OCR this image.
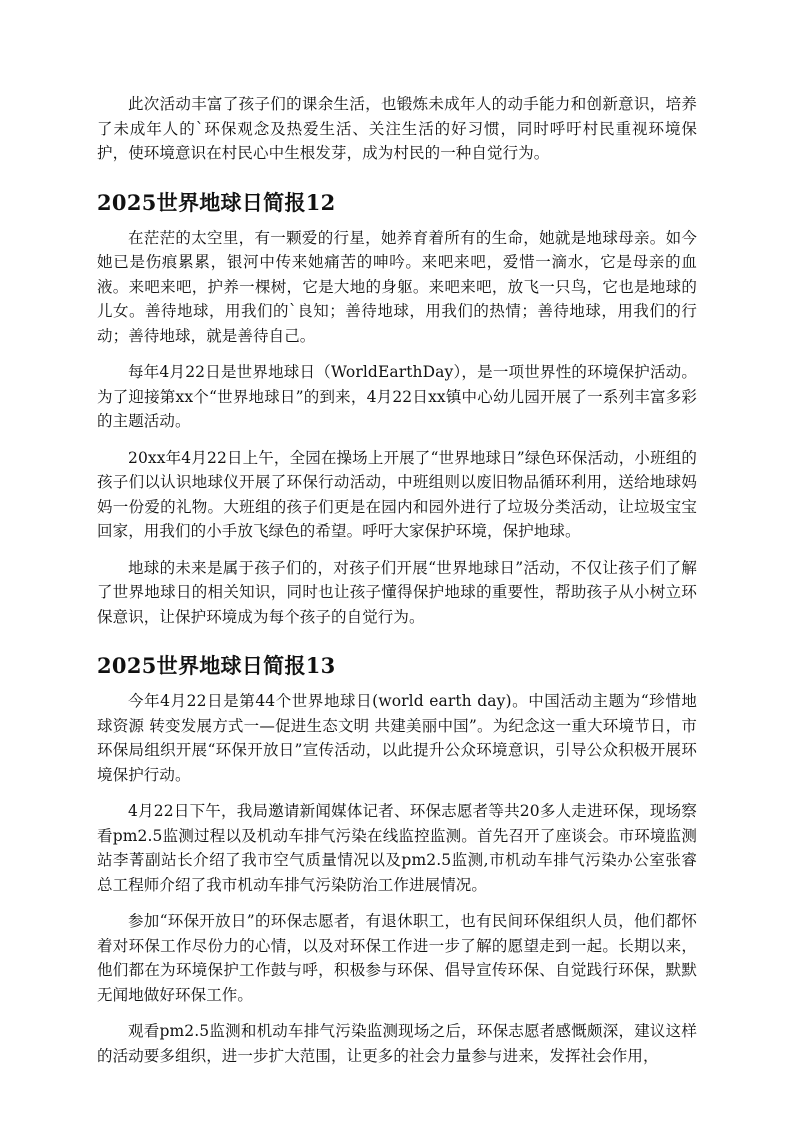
此次活动丰富了孩子们的课余生活，也锻炼未成年人的动手能力和创新意识，培养了未成年人的`环保观念及热爱生活、关注生活的好习惯，同时呼吁村民重视环境保护，使环境意识在村民心中生根发芽，成为村民的一种自觉行为。

2025世界地球日简报12

在茫茫的太空里，有一颗爱的行星，她养育着所有的生命，她就是地球母亲。如今她已是伤痕累累，银河中传来她痛苦的呻吟。来吧来吧，爱惜一滴水，它是母亲的血液。来吧来吧，护养一棵树，它是大地的身躯。来吧来吧，放飞一只鸟，它也是地球的儿女。善待地球，用我们的`良知；善待地球，用我们的热情；善待地球，用我们的行动；善待地球，就是善待自己。

每年4月22日是世界地球日（WorldEarthDay），是一项世界性的环境保护活动。为了迎接第xx个“世界地球日”的到来，4月22日xx镇中心幼儿园开展了一系列丰富多彩的主题活动。

20xx年4月22日上午，全园在操场上开展了“世界地球日”绿色环保活动，小班组的孩子们以认识地球仪开展了环保行动活动，中班组则以废旧物品循环利用，送给地球妈妈一份爱的礼物。大班组的孩子们更是在园内和园外进行了垃圾分类活动，让垃圾宝宝回家，用我们的小手放飞绿色的希望。呼吁大家保护环境，保护地球。

地球的未来是属于孩子们的，对孩子们开展“世界地球日”活动，不仅让孩子们了解了世界地球日的相关知识，同时也让孩子懂得保护地球的重要性，帮助孩子从小树立环保意识，让保护环境成为每个孩子的自觉行为。

2025世界地球日简报13

今年4月22日是第44个世界地球日(world earth day)。中国活动主题为“珍惜地球资源 转变发展方式一—促进生态文明 共建美丽中国”。为纪念这一重大环境节日，市环保局组织开展“环保开放日”宣传活动，以此提升公众环境意识，引导公众积极开展环境保护行动。

4月22日下午，我局邀请新闻媒体记者、环保志愿者等共20多人走进环保，现场察看pm2.5监测过程以及机动车排气污染在线监控监测。首先召开了座谈会。市环境监测站李菁副站长介绍了我市空气质量情况以及pm2.5监测,市机动车排气污染办公室张睿总工程师介绍了我市机动车排气污染防治工作进展情况。

参加“环保开放日”的环保志愿者，有退休职工，也有民间环保组织人员，他们都怀着对环保工作尽份力的心情，以及对环保工作进一步了解的愿望走到一起。长期以来，他们都在为环境保护工作鼓与呼，积极参与环保、倡导宣传环保、自觉践行环保，默默无闻地做好环保工作。

观看pm2.5监测和机动车排气污染监测现场之后，环保志愿者感慨颇深，建议这样的活动要多组织，进一步扩大范围，让更多的社会力量参与进来，发挥社会作用，
